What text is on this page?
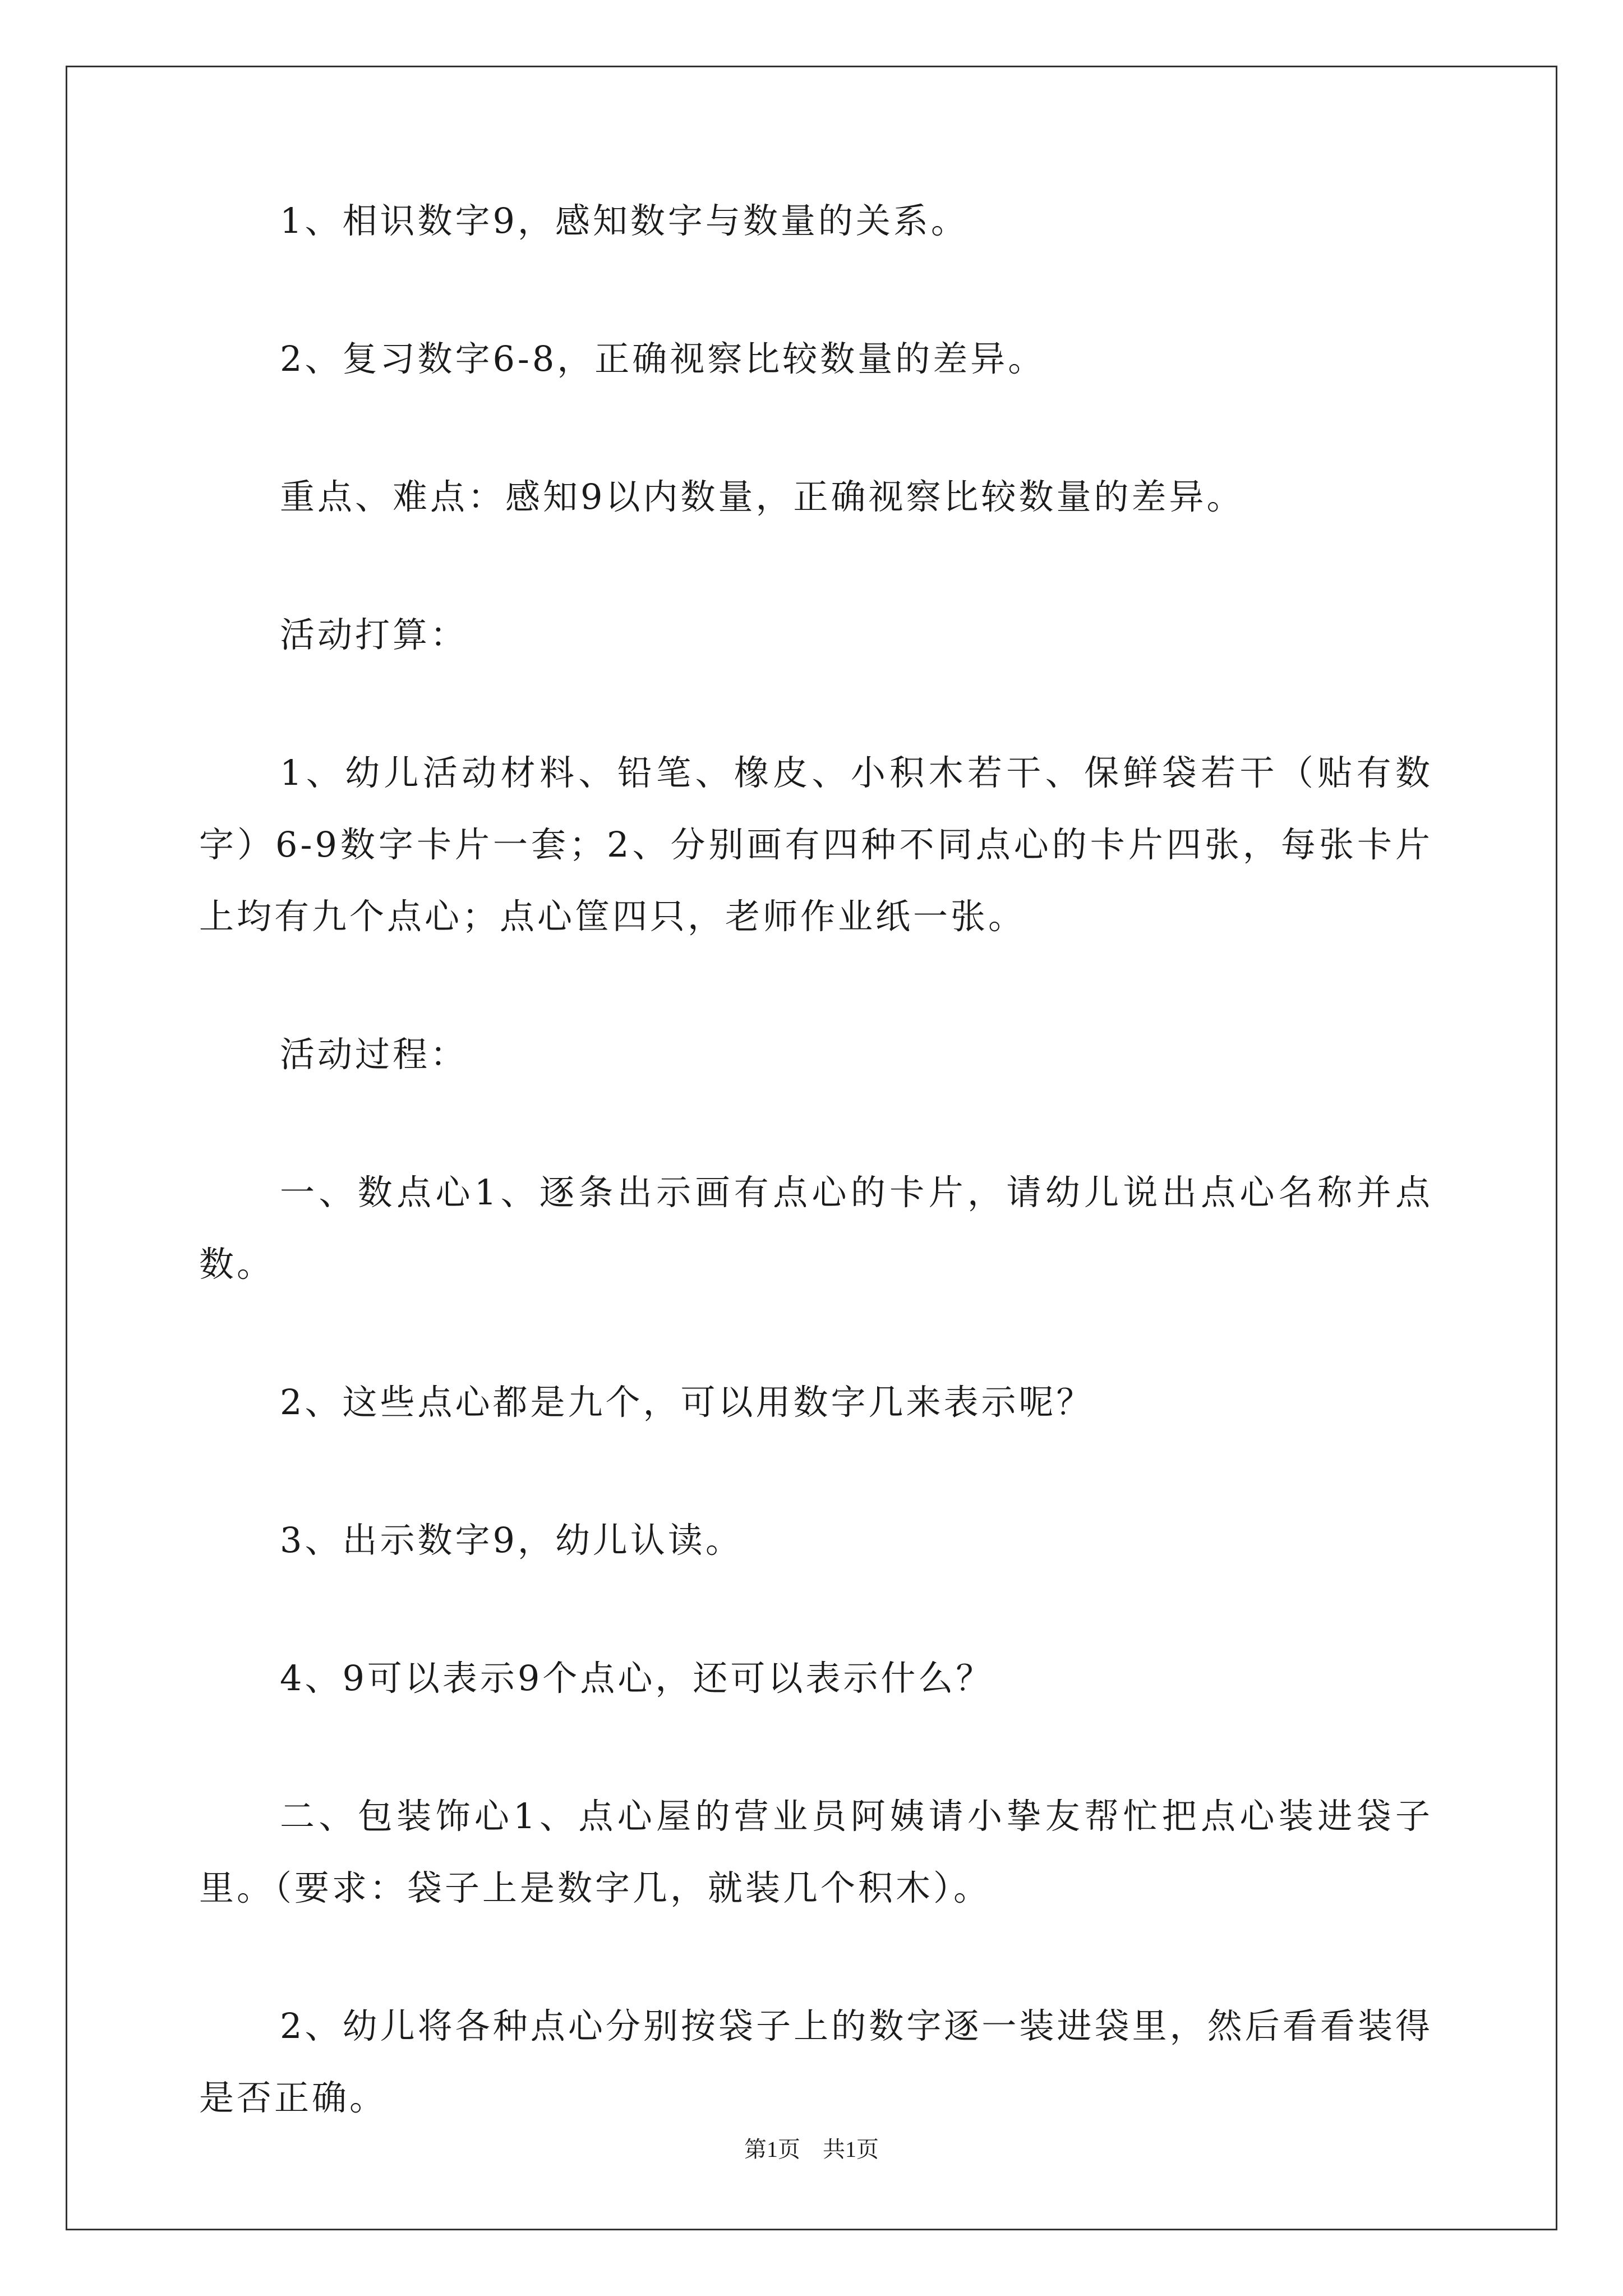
1、相识数字9，感知数字与数量的关系。

2、复习数字6-8，正确视察比较数量的差异。

重点、难点：感知9以内数量，正确视察比较数量的差异。

活动打算：

1、幼儿活动材料、铅笔、橡皮、小积木若干、保鲜袋若干（贴有数字）6-9数字卡片一套；2、分别画有四种不同点心的卡片四张，每张卡片上均有九个点心；点心筐四只，老师作业纸一张。

活动过程：

一、数点心1、逐条出示画有点心的卡片，请幼儿说出点心名称并点数。

2、这些点心都是九个，可以用数字几来表示呢？

3、出示数字9，幼儿认读。

4、9可以表示9个点心，还可以表示什么？

二、包装饰心1、点心屋的营业员阿姨请小挚友帮忙把点心装进袋子里。（要求：袋子上是数字几，就装几个积木）。

2、幼儿将各种点心分别按袋子上的数字逐一装进袋里，然后看看装得是否正确。

第1页　共1页
